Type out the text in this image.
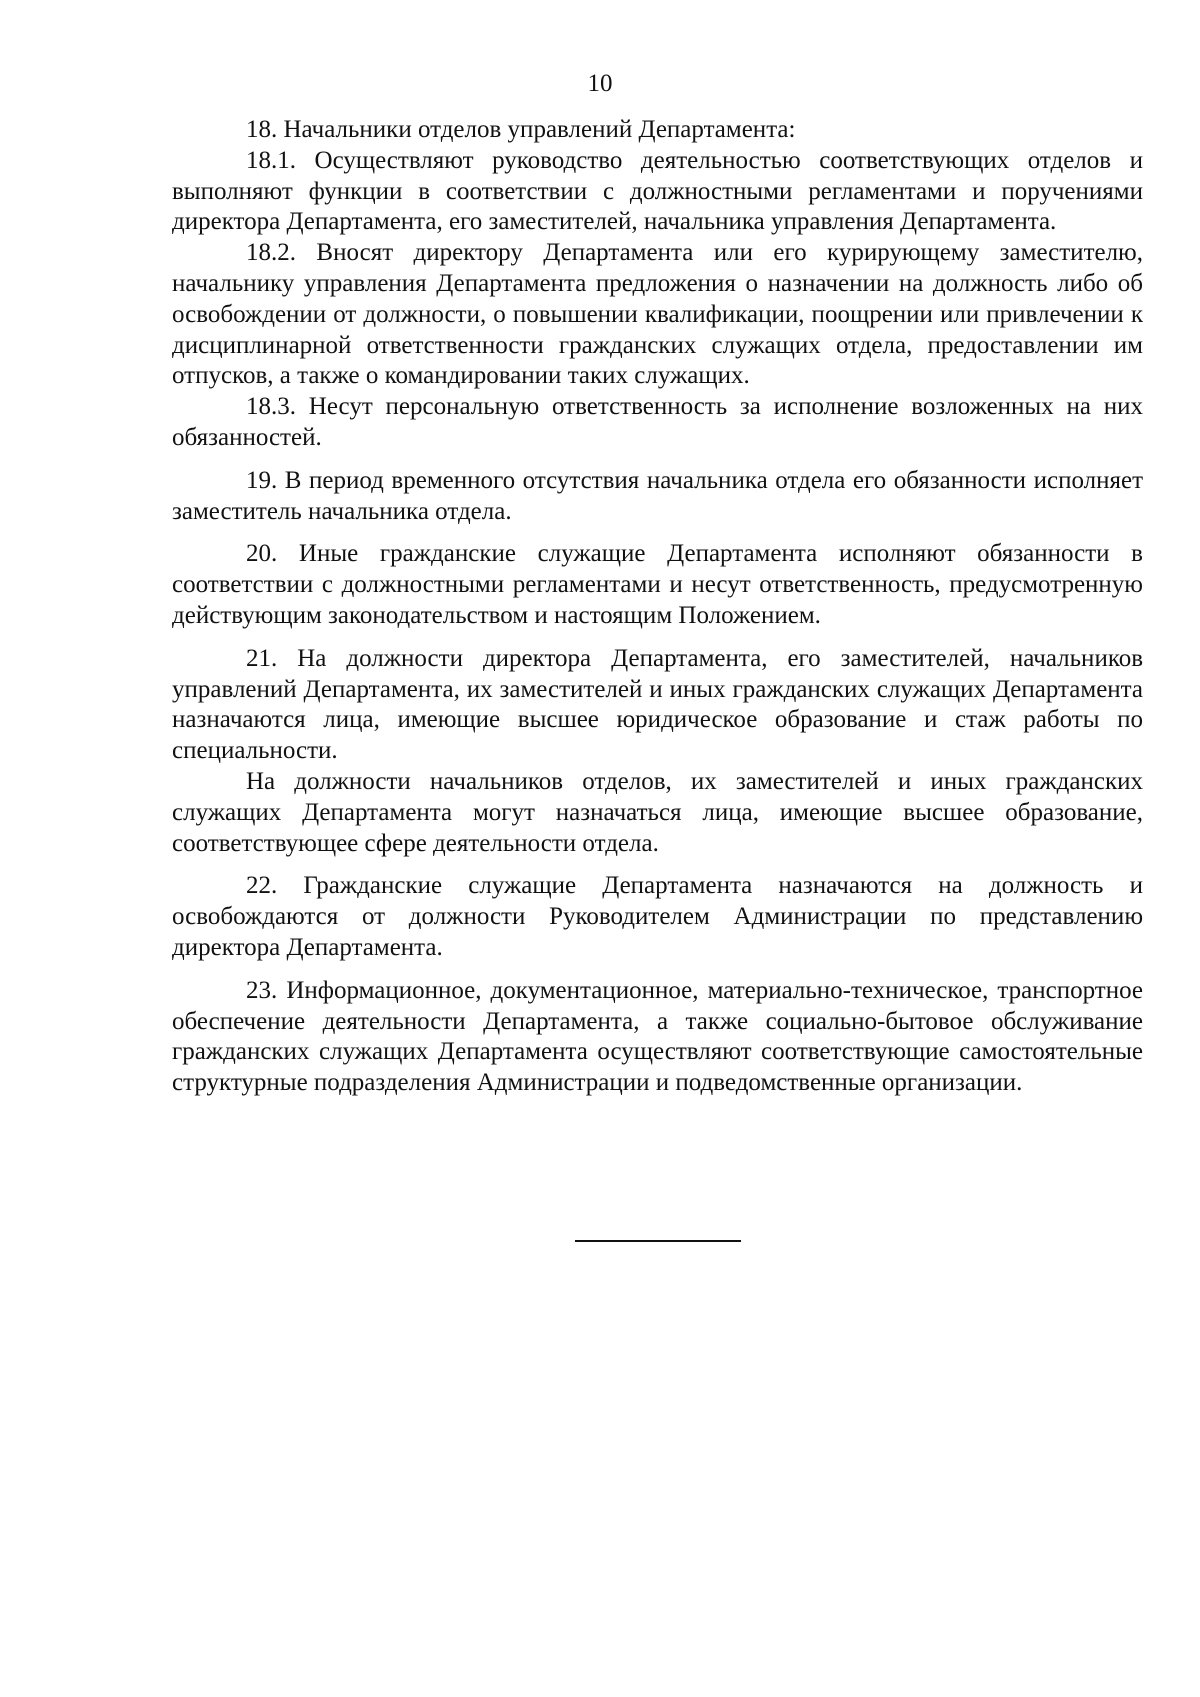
10

18. Начальники отделов управлений Департамента:

18.1. Осуществляют руководство деятельностью соответствующих отделов и выполняют функции в соответствии с должностными регламентами и поручениями директора Департамента, его заместителей, начальника управления Департамента.

18.2. Вносят директору Департамента или его курирующему заместителю, начальнику управления Департамента предложения о назначении на должность либо об освобождении от должности, о повышении квалификации, поощрении или привлечении к дисциплинарной ответственности гражданских служащих отдела, предоставлении им отпусков, а также о командировании таких служащих.

18.3. Несут персональную ответственность за исполнение возложенных на них обязанностей.

19. В период временного отсутствия начальника отдела его обязанности исполняет заместитель начальника отдела.

20. Иные гражданские служащие Департамента исполняют обязанности в соответствии с должностными регламентами и несут ответственность, предусмотренную действующим законодательством и настоящим Положением.

21. На должности директора Департамента, его заместителей, начальников управлений Департамента, их заместителей и иных гражданских служащих Департамента назначаются лица, имеющие высшее юридическое образование и стаж работы по специальности.

На должности начальников отделов, их заместителей и иных гражданских служащих Департамента могут назначаться лица, имеющие высшее образование, соответствующее сфере деятельности отдела.

22. Гражданские служащие Департамента назначаются на должность и освобождаются от должности Руководителем Администрации по представлению директора Департамента.

23. Информационное, документационное, материально-техническое, транспортное обеспечение деятельности Департамента, а также социально-бытовое обслуживание гражданских служащих Департамента осуществляют соответствующие самостоятельные структурные подразделения Администрации и подведомственные организации.
